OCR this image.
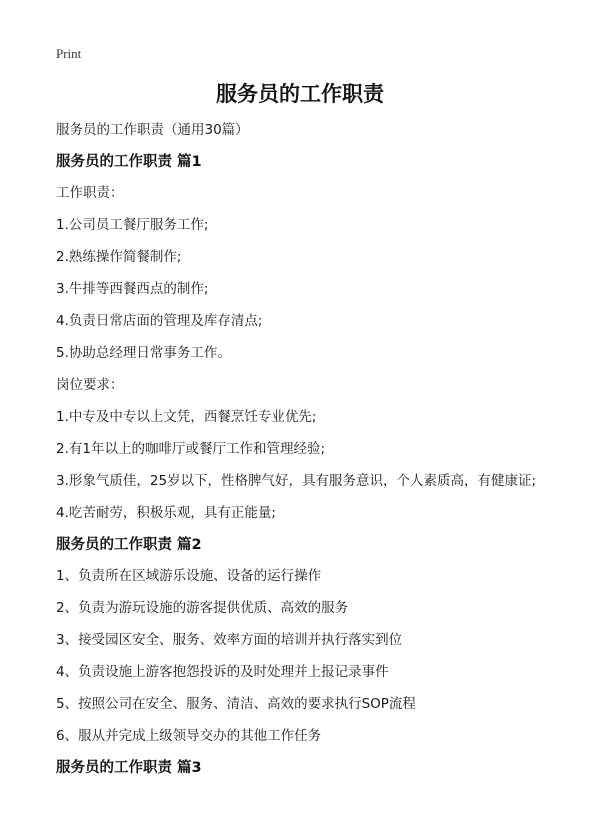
Print
服务员的工作职责
服务员的工作职责（通用30篇）
服务员的工作职责 篇1
工作职责：
1.公司员工餐厅服务工作;
2.熟练操作简餐制作;
3.牛排等西餐西点的制作;
4.负责日常店面的管理及库存清点;
5.协助总经理日常事务工作。
岗位要求：
1.中专及中专以上文凭，西餐烹饪专业优先;
2.有1年以上的咖啡厅或餐厅工作和管理经验;
3.形象气质佳，25岁以下，性格脾气好，具有服务意识，个人素质高，有健康证;
4.吃苦耐劳，积极乐观，具有正能量;
服务员的工作职责 篇2
1、负责所在区域游乐设施、设备的运行操作
2、负责为游玩设施的游客提供优质、高效的服务
3、接受园区安全、服务、效率方面的培训并执行落实到位
4、负责设施上游客抱怨投诉的及时处理并上报记录事件
5、按照公司在安全、服务、清洁、高效的要求执行SOP流程
6、服从并完成上级领导交办的其他工作任务
服务员的工作职责 篇3
